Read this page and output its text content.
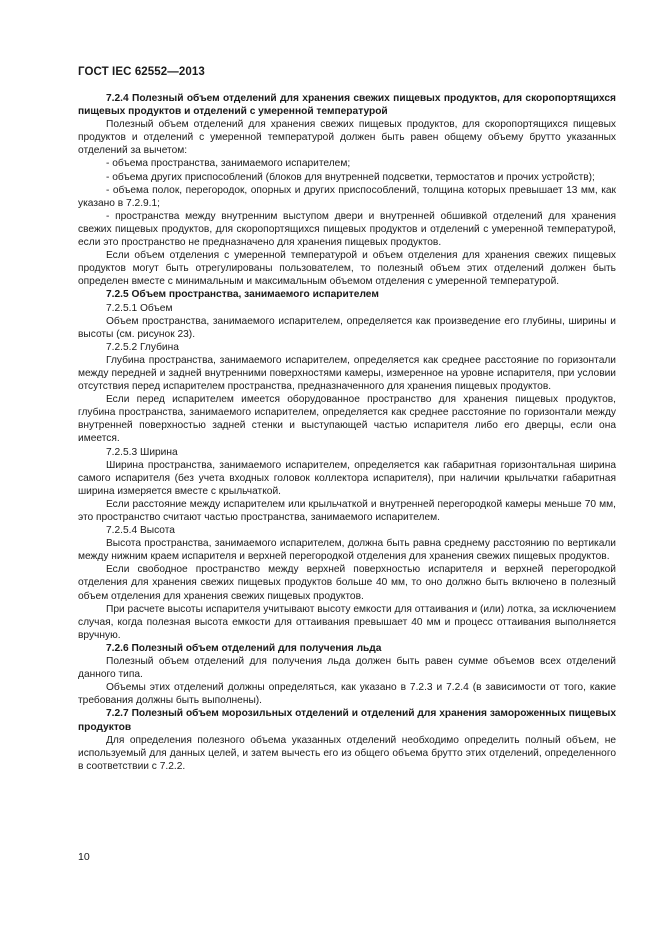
ГОСТ IEC 62552—2013

7.2.4 Полезный объем отделений для хранения свежих пищевых продуктов, для скоропортящихся пищевых продуктов и отделений с умеренной температурой

Полезный объем отделений для хранения свежих пищевых продуктов, для скоропортящихся пищевых продуктов и отделений с умеренной температурой должен быть равен общему объему брутто указанных отделений за вычетом:

- объема пространства, занимаемого испарителем;

- объема других приспособлений (блоков для внутренней подсветки, термостатов и прочих устройств);

- объема полок, перегородок, опорных и других приспособлений, толщина которых превышает 13 мм, как указано в 7.2.9.1;

- пространства между внутренним выступом двери и внутренней обшивкой отделений для хранения свежих пищевых продуктов, для скоропортящихся пищевых продуктов и отделений с умеренной температурой, если это пространство не предназначено для хранения пищевых продуктов.

Если объем отделения с умеренной температурой и объем отделения для хранения свежих пищевых продуктов могут быть отрегулированы пользователем, то полезный объем этих отделений должен быть определен вместе с минимальным и максимальным объемом отделения с умеренной температурой.

7.2.5 Объем пространства, занимаемого испарителем

7.2.5.1 Объем

Объем пространства, занимаемого испарителем, определяется как произведение его глубины, ширины и высоты (см. рисунок 23).

7.2.5.2 Глубина

Глубина пространства, занимаемого испарителем, определяется как среднее расстояние по горизонтали между передней и задней внутренними поверхностями камеры, измеренное на уровне испарителя, при условии отсутствия перед испарителем пространства, предназначенного для хранения пищевых продуктов.

Если перед испарителем имеется оборудованное пространство для хранения пищевых продуктов, глубина пространства, занимаемого испарителем, определяется как среднее расстояние по горизонтали между внутренней поверхностью задней стенки и выступающей частью испарителя либо его дверцы, если она имеется.

7.2.5.3 Ширина

Ширина пространства, занимаемого испарителем, определяется как габаритная горизонтальная ширина самого испарителя (без учета входных головок коллектора испарителя), при наличии крыльчатки габаритная ширина измеряется вместе с крыльчаткой.

Если расстояние между испарителем или крыльчаткой и внутренней перегородкой камеры меньше 70 мм, это пространство считают частью пространства, занимаемого испарителем.

7.2.5.4 Высота

Высота пространства, занимаемого испарителем, должна быть равна среднему расстоянию по вертикали между нижним краем испарителя и верхней перегородкой отделения для хранения свежих пищевых продуктов.

Если свободное пространство между верхней поверхностью испарителя и верхней перегородкой отделения для хранения свежих пищевых продуктов больше 40 мм, то оно должно быть включено в полезный объем отделения для хранения свежих пищевых продуктов.

При расчете высоты испарителя учитывают высоту емкости для оттаивания и (или) лотка, за исключением случая, когда полезная высота емкости для оттаивания превышает 40 мм и процесс оттаивания выполняется вручную.

7.2.6 Полезный объем отделений для получения льда

Полезный объем отделений для получения льда должен быть равен сумме объемов всех отделений данного типа.

Объемы этих отделений должны определяться, как указано в 7.2.3 и 7.2.4 (в зависимости от того, какие требования должны быть выполнены).

7.2.7 Полезный объем морозильных отделений и отделений для хранения замороженных пищевых продуктов

Для определения полезного объема указанных отделений необходимо определить полный объем, не используемый для данных целей, и затем вычесть его из общего объема брутто этих отделений, определенного в соответствии с 7.2.2.

10
